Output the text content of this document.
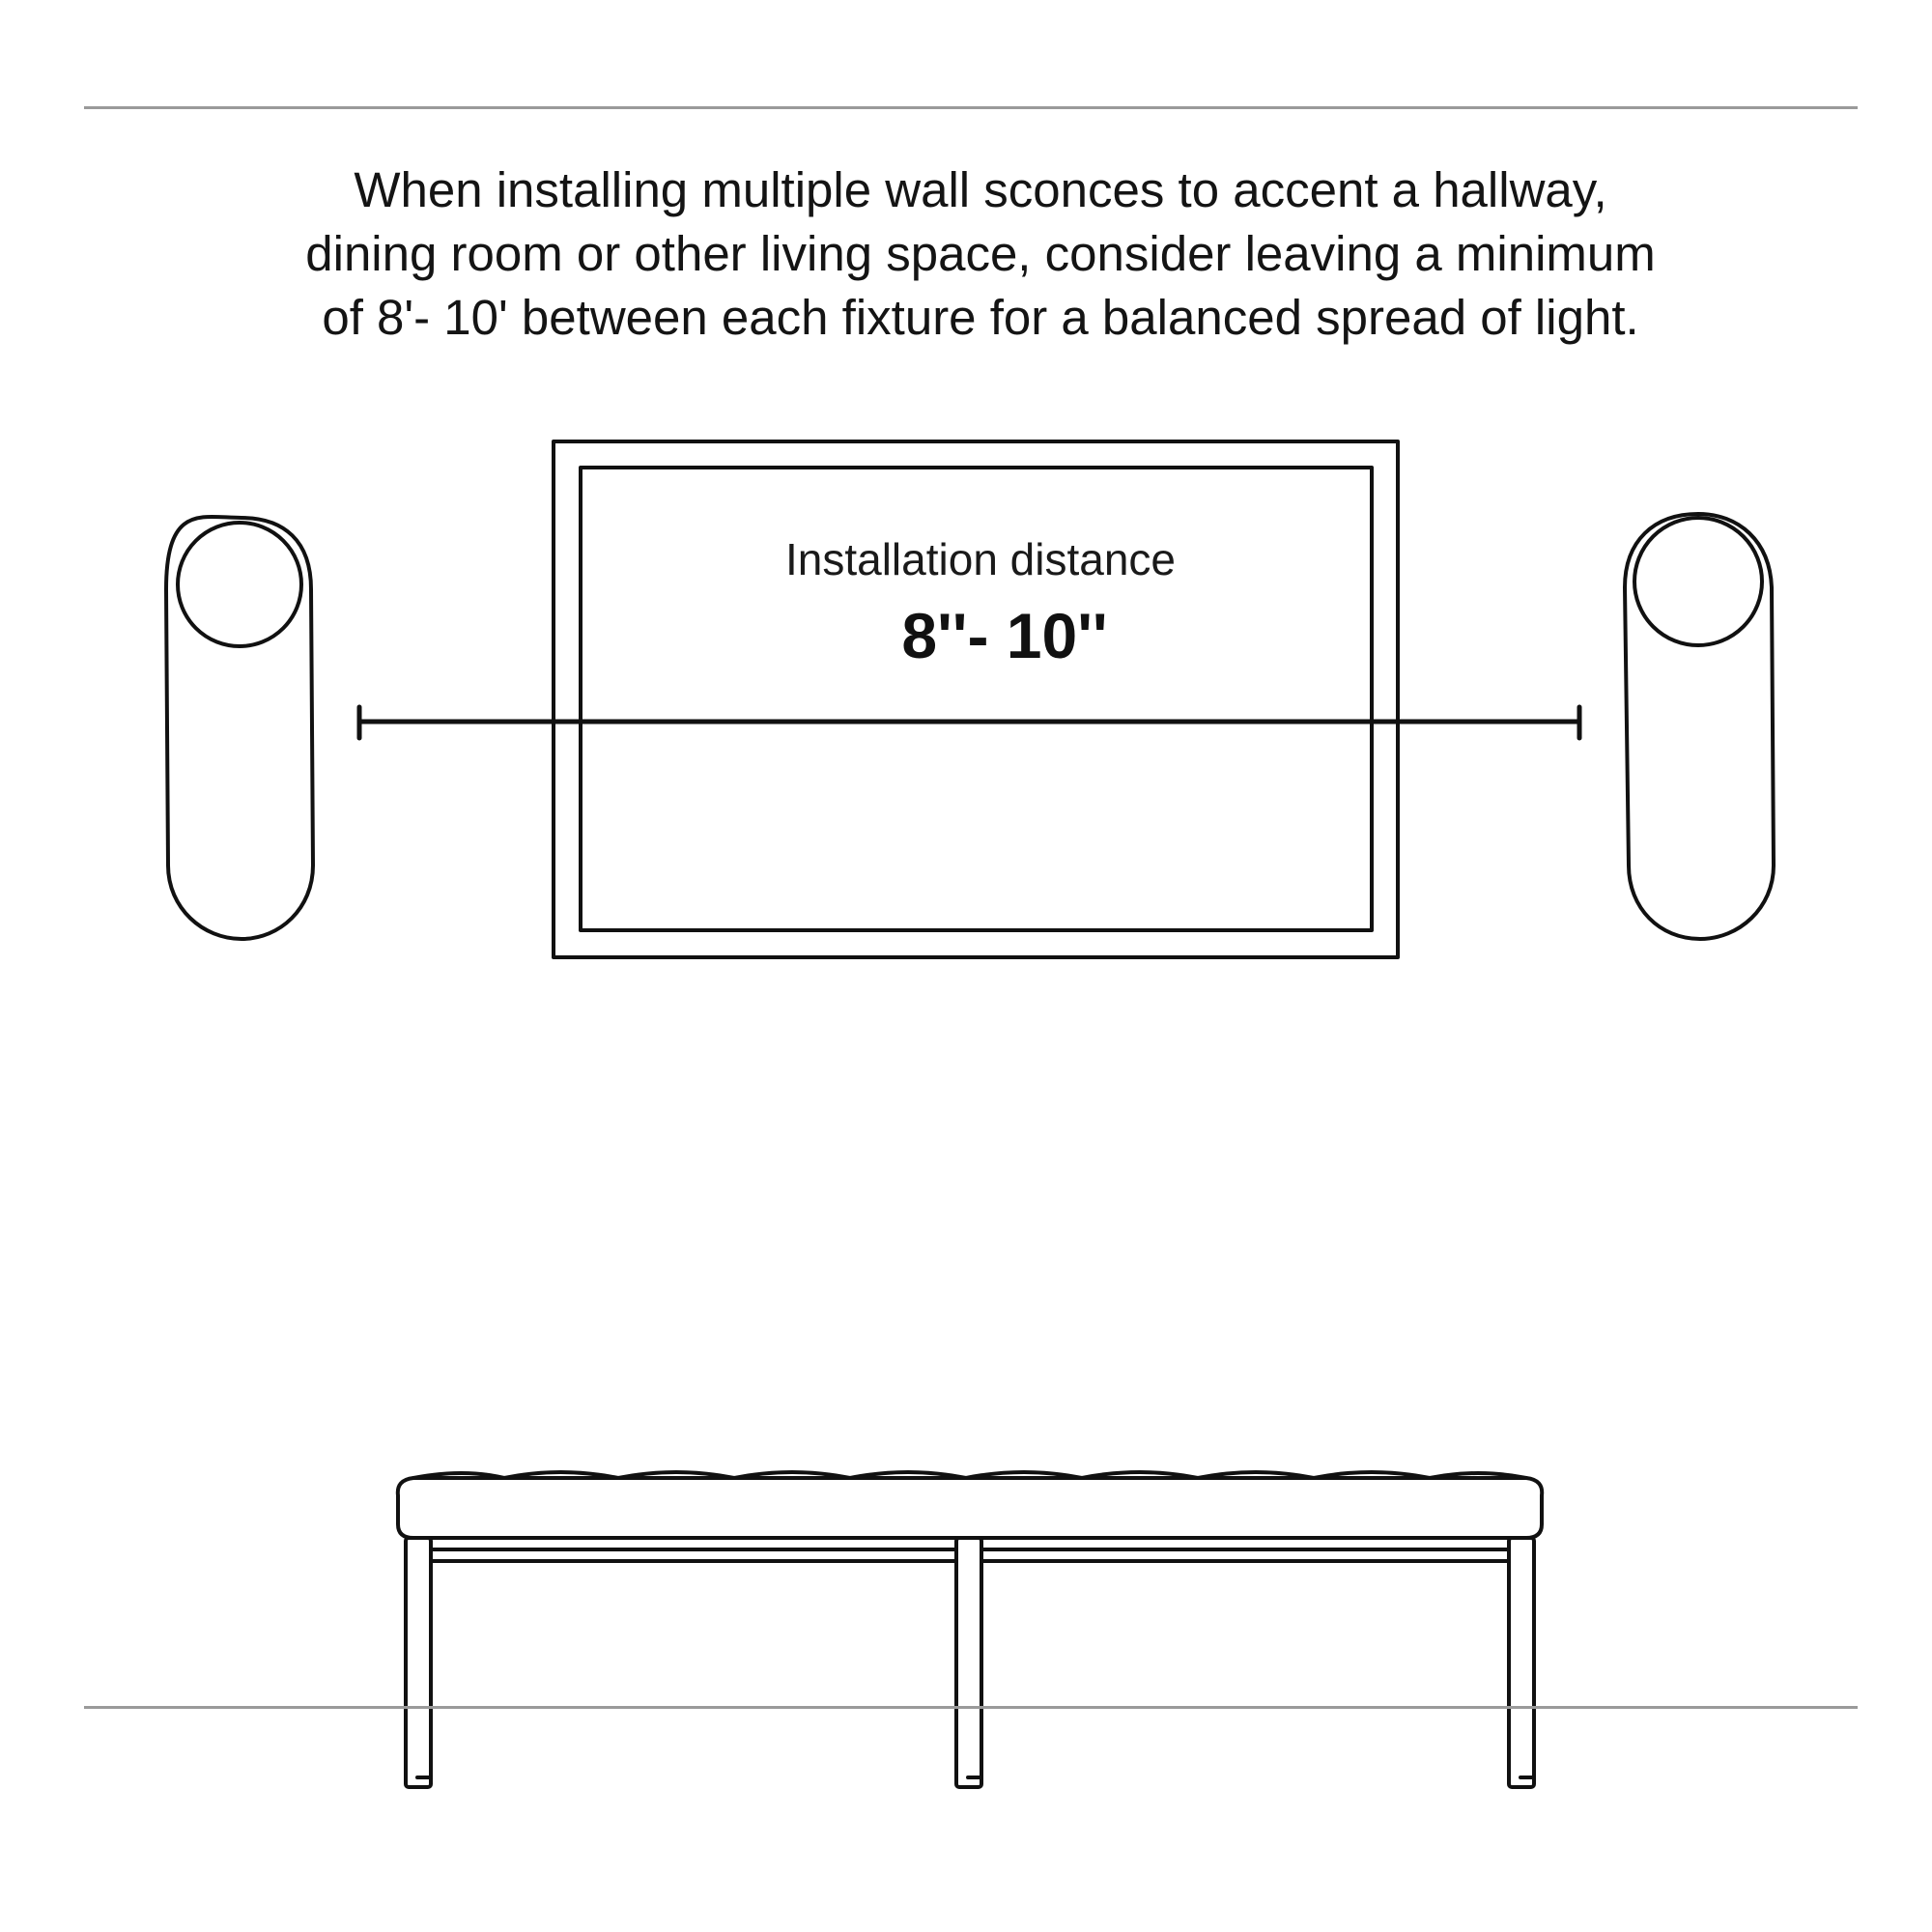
When installing multiple wall sconces to accent a hallway,
dining room or other living space, consider leaving a minimum
of 8'- 10' between each fixture for a balanced spread of light.
Installation distance
8''- 10''
